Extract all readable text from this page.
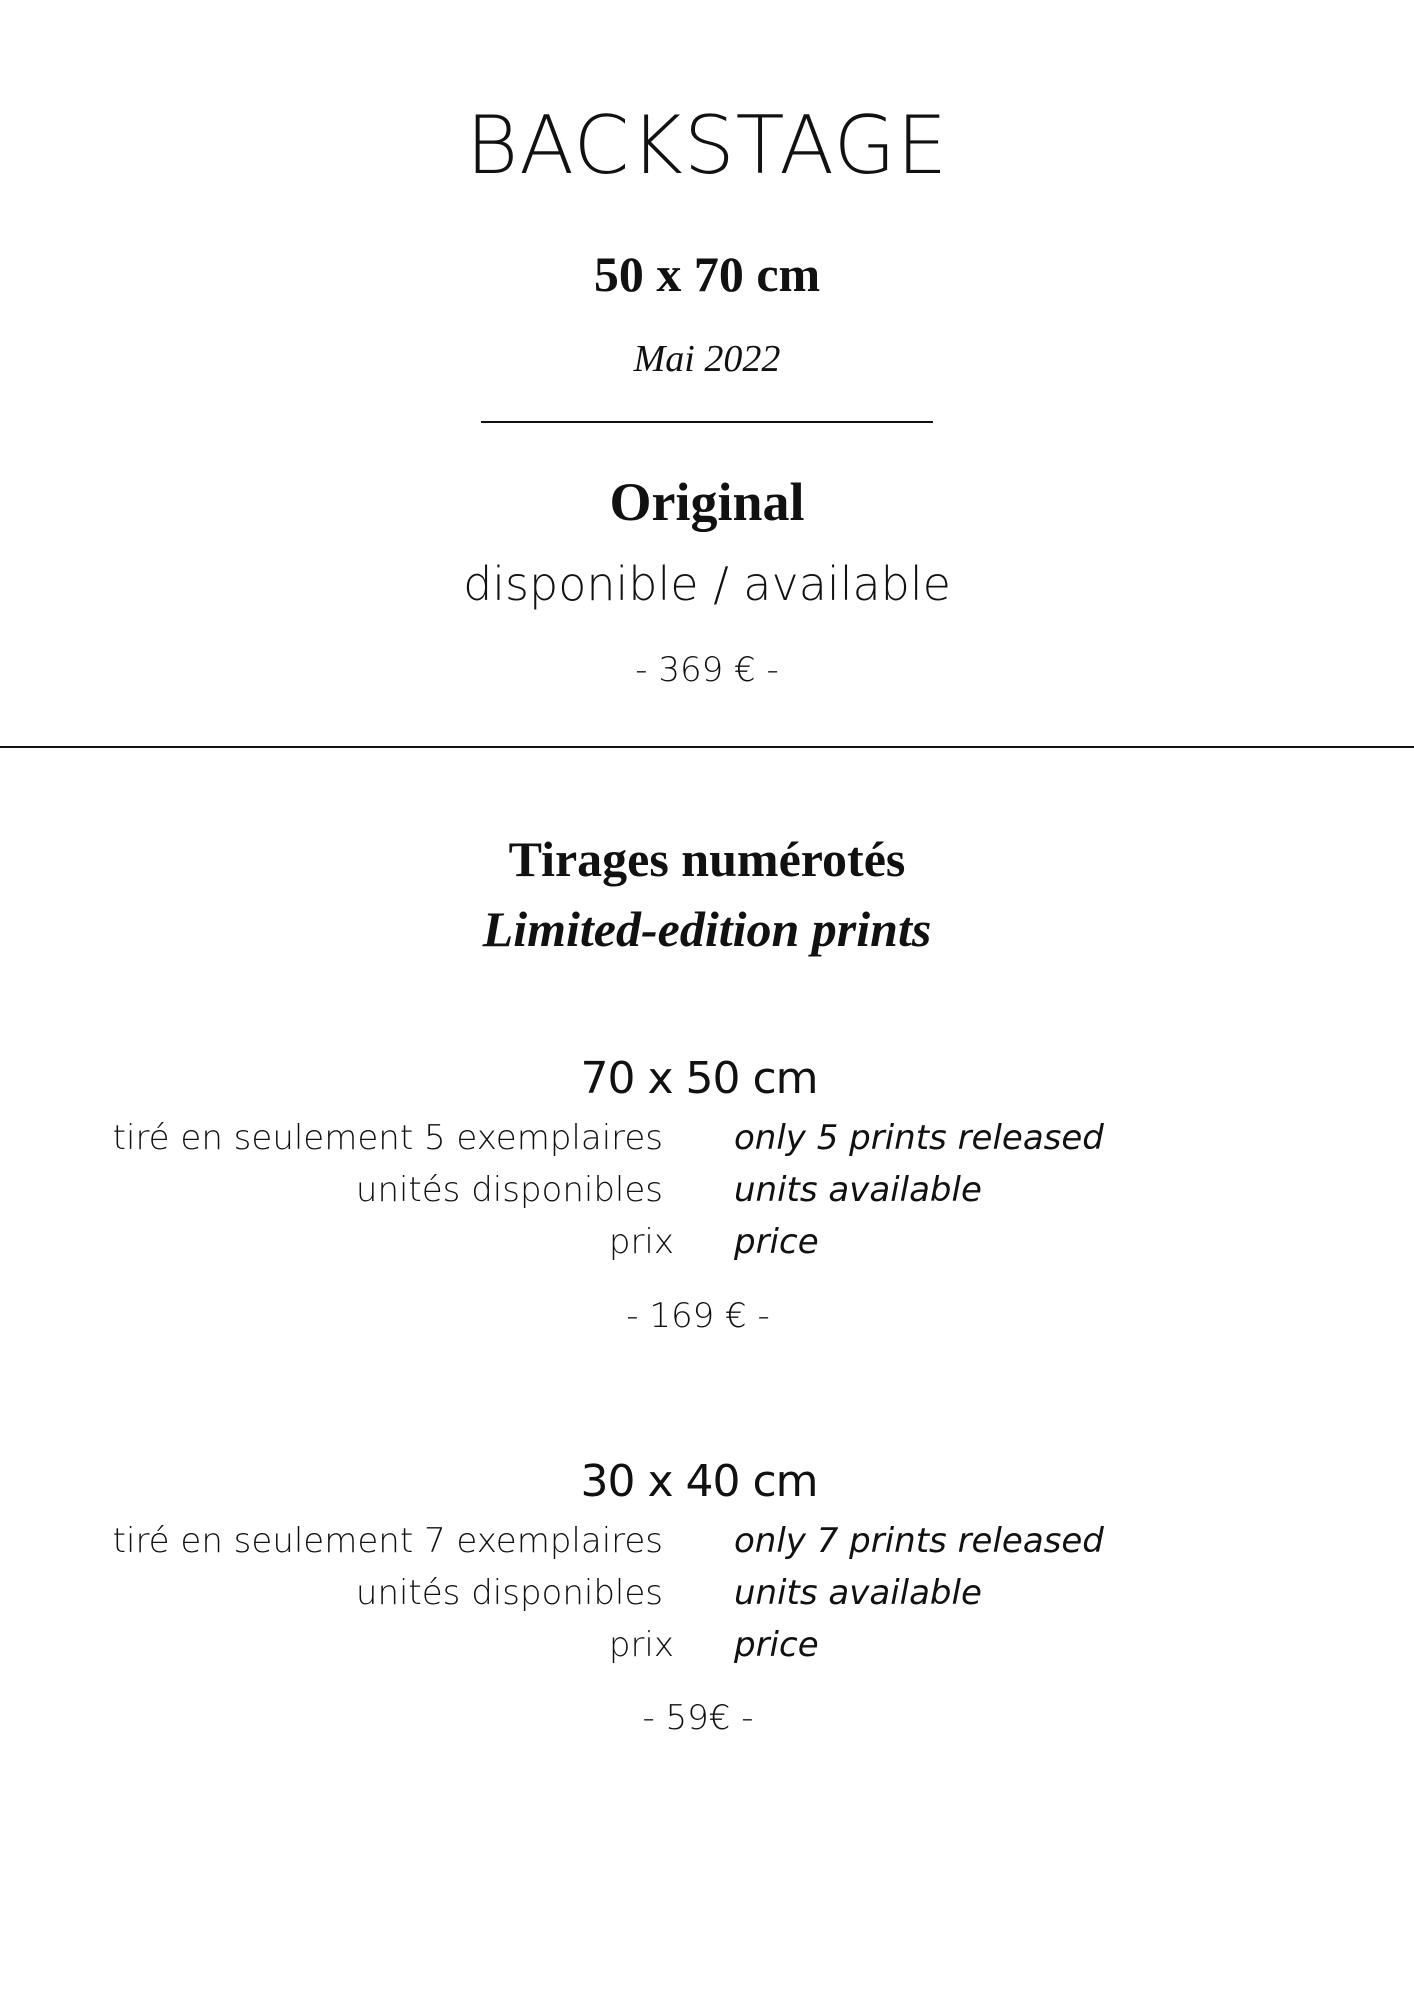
BACKSTAGE
50 x 70 cm
Mai 2022
Original
disponible / available
- 369 € -
Tirages numérotés
Limited-edition prints
70 x 50 cm
tiré en seulement 5 exemplaires only 5 prints released
unités disponibles units available
prix price
- 169 € -
30 x 40 cm
tiré en seulement 7 exemplaires only 7 prints released
unités disponibles units available
prix price
- 59€ -
